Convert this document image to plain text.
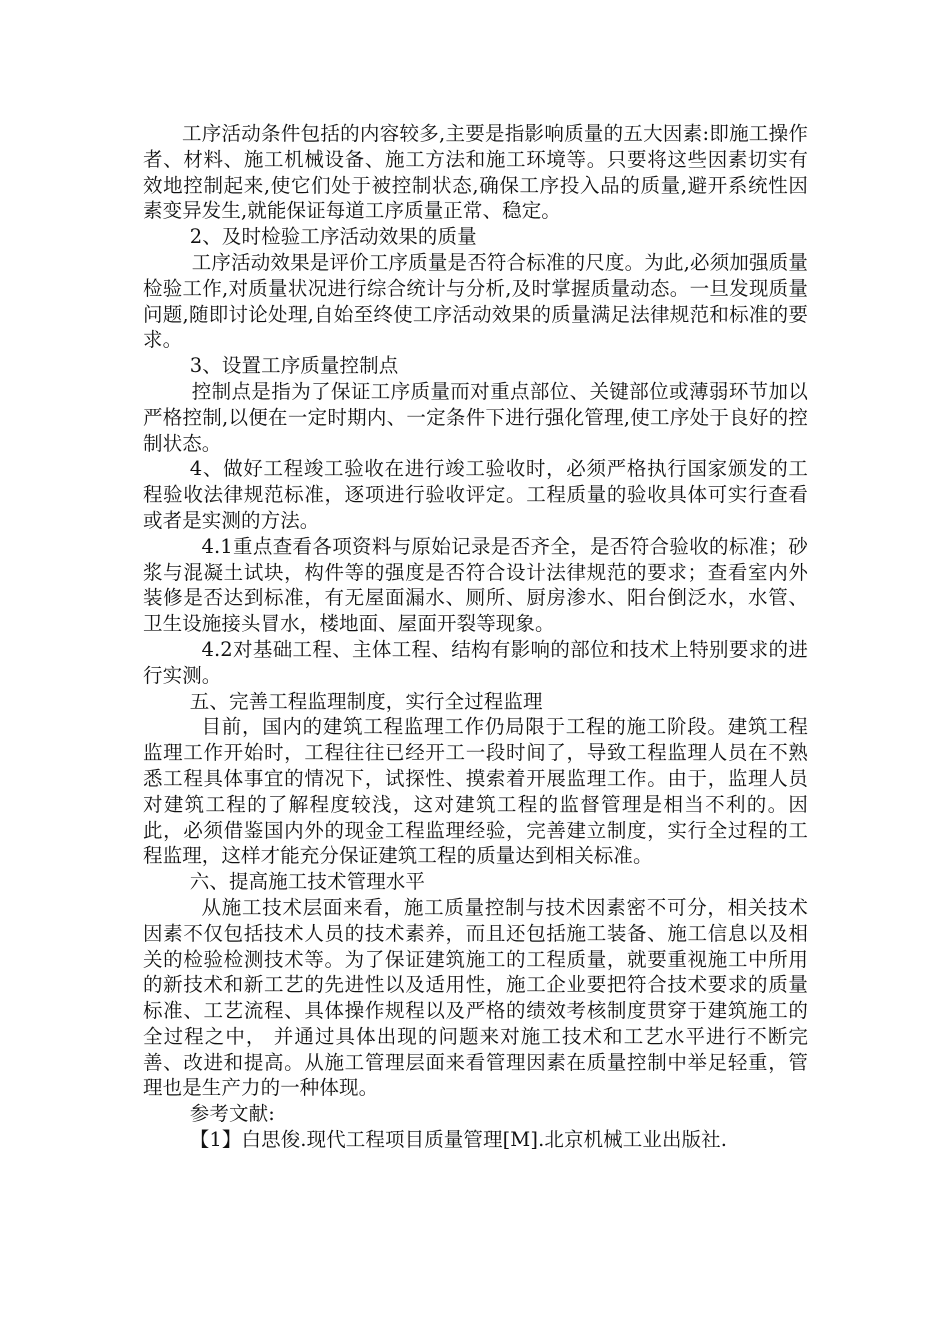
工序活动条件包括的内容较多,主要是指影响质量的五大因素:即施工操作者、材料、施工机械设备、施工方法和施工环境等。只要将这些因素切实有效地控制起来,使它们处于被控制状态,确保工序投入品的质量,避开系统性因素变异发生,就能保证每道工序质量正常、稳定。

2、及时检验工序活动效果的质量

工序活动效果是评价工序质量是否符合标准的尺度。为此,必须加强质量检验工作,对质量状况进行综合统计与分析,及时掌握质量动态。一旦发现质量问题,随即讨论处理,自始至终使工序活动效果的质量满足法律规范和标准的要求。

3、设置工序质量控制点

控制点是指为了保证工序质量而对重点部位、关键部位或薄弱环节加以严格控制,以便在一定时期内、一定条件下进行强化管理,使工序处于良好的控制状态。

4、做好工程竣工验收在进行竣工验收时，必须严格执行国家颁发的工程验收法律规范标准，逐项进行验收评定。工程质量的验收具体可实行查看或者是实测的方法。

4.1重点查看各项资料与原始记录是否齐全，是否符合验收的标准；砂浆与混凝土试块，构件等的强度是否符合设计法律规范的要求；查看室内外装修是否达到标准，有无屋面漏水、厕所、厨房渗水、阳台倒泛水，水管、卫生设施接头冒水，楼地面、屋面开裂等现象。

4.2对基础工程、主体工程、结构有影响的部位和技术上特别要求的进行实测。

五、完善工程监理制度，实行全过程监理

目前，国内的建筑工程监理工作仍局限于工程的施工阶段。建筑工程监理工作开始时，工程往往已经开工一段时间了，导致工程监理人员在不熟悉工程具体事宜的情况下，试探性、摸索着开展监理工作。由于，监理人员对建筑工程的了解程度较浅，这对建筑工程的监督管理是相当不利的。因此，必须借鉴国内外的现金工程监理经验，完善建立制度，实行全过程的工程监理，这样才能充分保证建筑工程的质量达到相关标准。

六、提高施工技术管理水平

从施工技术层面来看，施工质量控制与技术因素密不可分，相关技术因素不仅包括技术人员的技术素养，而且还包括施工装备、施工信息以及相关的检验检测技术等。为了保证建筑施工的工程质量，就要重视施工中所用的新技术和新工艺的先进性以及适用性，施工企业要把符合技术要求的质量标准、工艺流程、具体操作规程以及严格的绩效考核制度贯穿于建筑施工的全过程之中， 并通过具体出现的问题来对施工技术和工艺水平进行不断完善、改进和提高。从施工管理层面来看管理因素在质量控制中举足轻重，管理也是生产力的一种体现。

参考文献:

【1】白思俊.现代工程项目质量管理[M].北京机械工业出版社.
